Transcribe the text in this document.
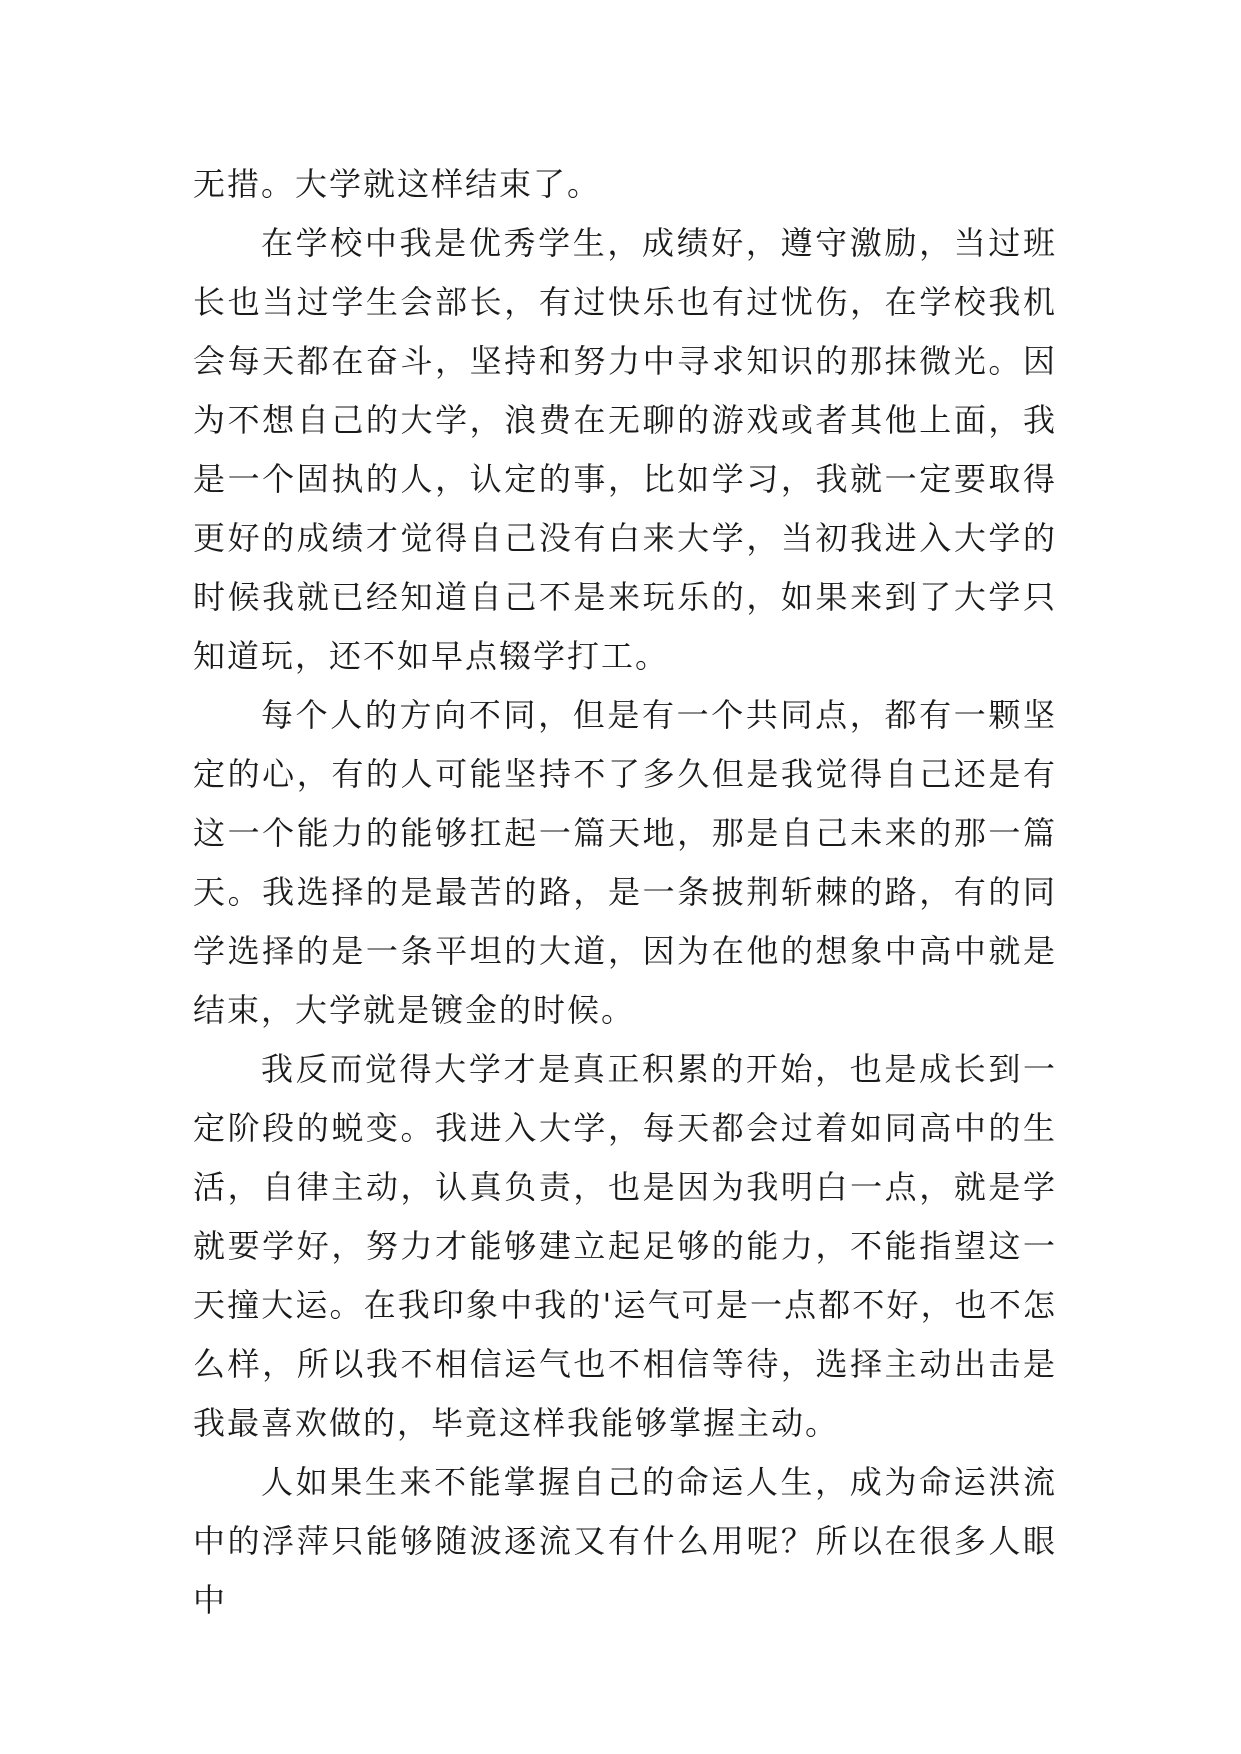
无措。大学就这样结束了。

在学校中我是优秀学生，成绩好，遵守激励，当过班长也当过学生会部长，有过快乐也有过忧伤，在学校我机会每天都在奋斗，坚持和努力中寻求知识的那抹微光。因为不想自己的大学，浪费在无聊的游戏或者其他上面，我是一个固执的人，认定的事，比如学习，我就一定要取得更好的成绩才觉得自己没有白来大学，当初我进入大学的时候我就已经知道自己不是来玩乐的，如果来到了大学只知道玩，还不如早点辍学打工。

每个人的方向不同，但是有一个共同点，都有一颗坚定的心，有的人可能坚持不了多久但是我觉得自己还是有这一个能力的能够扛起一篇天地，那是自己未来的那一篇天。我选择的是最苦的路，是一条披荆斩棘的路，有的同学选择的是一条平坦的大道，因为在他的想象中高中就是结束，大学就是镀金的时候。

我反而觉得大学才是真正积累的开始，也是成长到一定阶段的蜕变。我进入大学，每天都会过着如同高中的生活，自律主动，认真负责，也是因为我明白一点，就是学就要学好，努力才能够建立起足够的能力，不能指望这一天撞大运。在我印象中我的'运气可是一点都不好，也不怎么样，所以我不相信运气也不相信等待，选择主动出击是我最喜欢做的，毕竟这样我能够掌握主动。

人如果生来不能掌握自己的命运人生，成为命运洪流中的浮萍只能够随波逐流又有什么用呢？所以在很多人眼中
